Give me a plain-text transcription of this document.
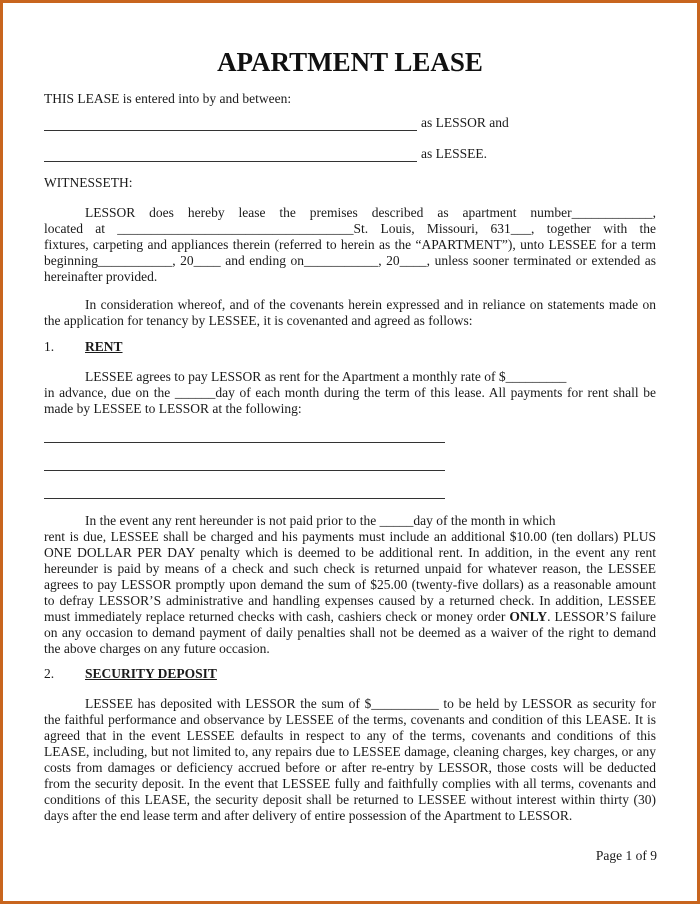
APARTMENT LEASE
THIS LEASE is entered into by and between:
as LESSOR and
as LESSEE.
WITNESSETH:
1. RENT
2. SECURITY DEPOSIT
Page 1 of 9
LESSOR does hereby lease the premises described as apartment number____________,
located at ___________________________________St. Louis, Missouri, 631___, together with the
fixtures, carpeting and appliances therein (referred to herein as the “APARTMENT”), unto LESSEE for a term
beginning___________, 20____ and ending on___________, 20____, unless sooner terminated or extended as
hereinafter provided.
In consideration whereof, and of the covenants herein expressed and in reliance on statements made on
the application for tenancy by LESSEE, it is covenanted and agreed as follows:
LESSEE agrees to pay LESSOR as rent for the Apartment a monthly rate of $_________
in advance, due on the ______day of each month during the term of this lease. All payments for rent shall be
made by LESSEE to LESSOR at the following:
In the event any rent hereunder is not paid prior to the _____day of the month in which
rent is due, LESSEE shall be charged and his payments must include an additional $10.00 (ten dollars) PLUS
ONE DOLLAR PER DAY penalty which is deemed to be additional rent. In addition, in the event any rent
hereunder is paid by means of a check and such check is returned unpaid for whatever reason, the LESSEE
agrees to pay LESSOR promptly upon demand the sum of $25.00 (twenty-five dollars) as a reasonable amount
to defray LESSOR’S administrative and handling expenses caused by a returned check. In addition, LESSEE
must immediately replace returned checks with cash, cashiers check or money order ONLY. LESSOR’S failure
on any occasion to demand payment of daily penalties shall not be deemed as a waiver of the right to demand
the above charges on any future occasion.
LESSEE has deposited with LESSOR the sum of $__________ to be held by LESSOR as security for
the faithful performance and observance by LESSEE of the terms, covenants and condition of this LEASE. It is
agreed that in the event LESSEE defaults in respect to any of the terms, covenants and conditions of this
LEASE, including, but not limited to, any repairs due to LESSEE damage, cleaning charges, key charges, or any
costs from damages or deficiency accrued before or after re-entry by LESSOR, those costs will be deducted
from the security deposit. In the event that LESSEE fully and faithfully complies with all terms, covenants and
conditions of this LEASE, the security deposit shall be returned to LESSEE without interest within thirty (30)
days after the end lease term and after delivery of entire possession of the Apartment to LESSOR.
